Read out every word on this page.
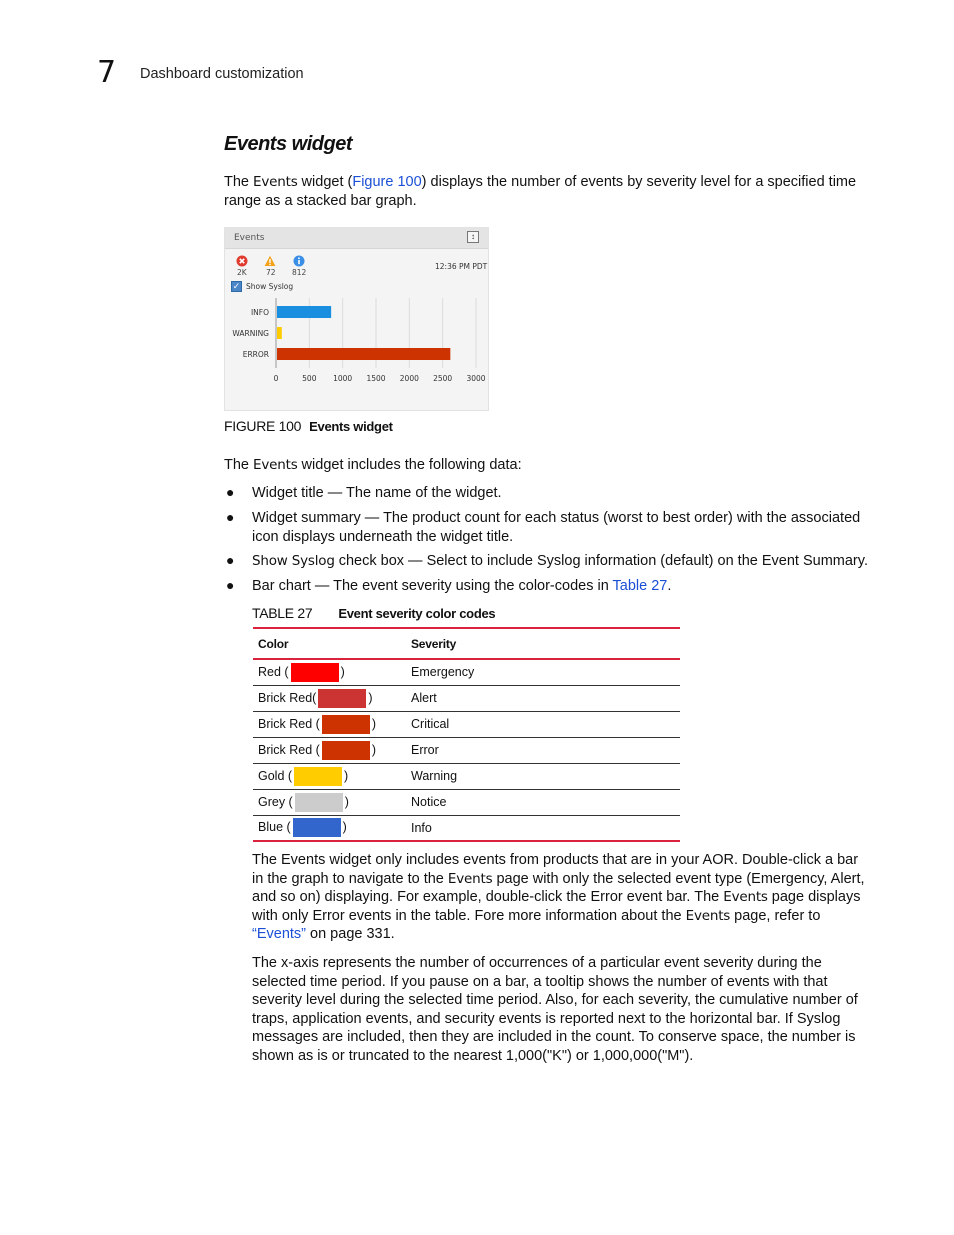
7 Dashboard customization
Events widget
The Events widget (Figure 100) displays the number of events by severity level for a specified time
range as a stacked bar graph.
Events	↕
2K	72 812
12:36 PM PDT
✓ Show Syslog
0	500 1000 1500 2000 2500 3000
INFO
WARNING
ERROR
FIGURE 100 Events widget
The Events widget includes the following data:
● Widget title — The name of the widget.
● Widget summary — The product count for each status (worst to best order) with the associated
icon displays underneath the widget title.
● Show Syslog check box — Select to include Syslog information (default) on the Event Summary.
● Bar chart — The event severity using the color-codes in Table 27.
TABLE 27 Event severity color codes
Color	Severity
Red ( )	Emergency
Brick Red( )	Alert
Brick Red ( )	Critical
Brick Red ( )	Error
Gold ( )	Warning
Grey ( )	Notice
Blue ( )	Info
The Events widget only includes events from products that are in your AOR. Double-click a bar
in the graph to navigate to the Events page with only the selected event type (Emergency, Alert,
and so on) displaying. For example, double-click the Error event bar. The Events page displays
with only Error events in the table. Fore more information about the Events page, refer to
“Events” on page 331.
The x-axis represents the number of occurrences of a particular event severity during the
selected time period. If you pause on a bar, a tooltip shows the number of events with that
severity level during the selected time period. Also, for each severity, the cumulative number of
traps, application events, and security events is reported next to the horizontal bar. If Syslog
messages are included, then they are included in the count. To conserve space, the number is
shown as is or truncated to the nearest 1,000("K") or 1,000,000("M").
